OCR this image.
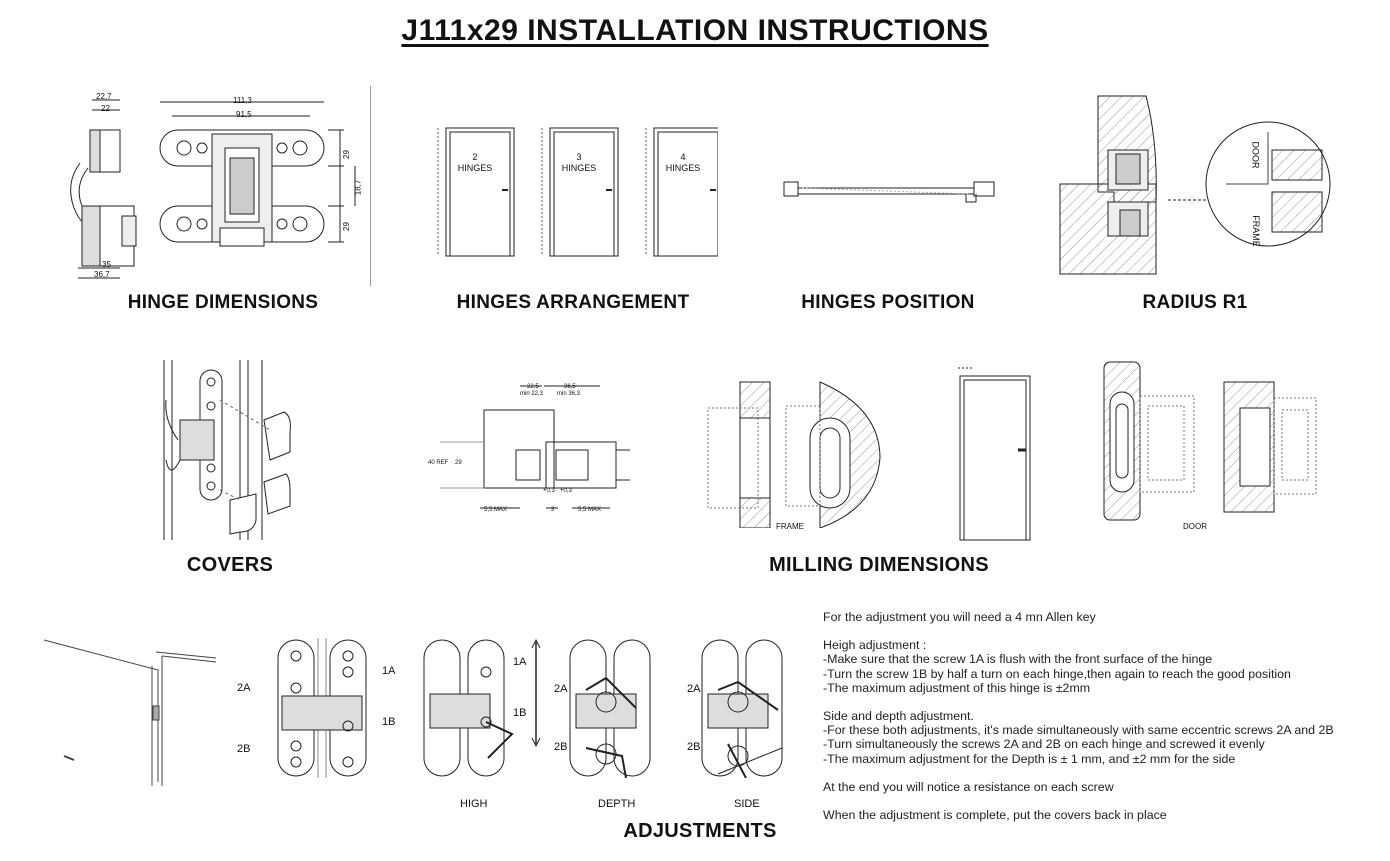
J111x29 INSTALLATION INSTRUCTIONS
22,7
22
111,3
91,5
29
18,7
29
35
36,7
HINGE DIMENSIONS
2
HINGES
3
HINGES
4
HINGES
HINGES ARRANGEMENT	HINGES POSITION
DOOR
FRAME
RADIUS R1
COVERS
22,5
min 22,3
36,5
min 36,3
40 REF 29
+0,3 +0,3
5,5 MAX	3	5,5 MAX
FRAME	DOOR
MILLING DIMENSIONS
2A
1A
1B
2B
1A
1B
HIGH
2A
2B
DEPTH
2A
2B
SIDE
ADJUSTMENTS

For the adjustment you will need a 4 mn Allen key

Heigh adjustment :

-Make sure that the screw 1A is flush with the front surface of the hinge

-Turn the screw 1B by half a turn on each hinge,then again to reach the good position

-The maximum adjustment of this hinge is ±2mm

Side and depth adjustment.

-For these both adjustments, it's made simultaneously with same eccentric screws 2A and 2B

-Turn simultaneously the screws 2A and 2B on each hinge and screwed it evenly

-The maximum adjustment for the Depth is ± 1 mm, and ±2 mm for the side

At the end you will notice a resistance on each screw

When the adjustment is complete, put the covers back in place
